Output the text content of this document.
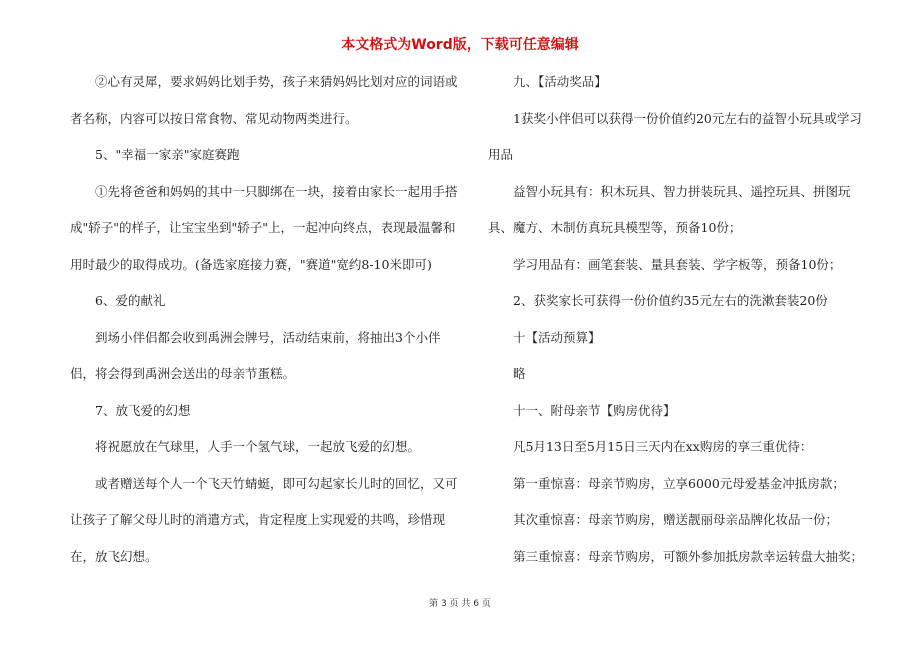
本文格式为Word版，下载可任意编辑

②心有灵犀，要求妈妈比划手势，孩子来猜妈妈比划对应的词语或者名称，内容可以按日常食物、常见动物两类进行。

5、"幸福一家亲"家庭赛跑

①先将爸爸和妈妈的其中一只脚绑在一块，接着由家长一起用手搭成"轿子"的样子，让宝宝坐到"轿子"上，一起冲向终点，表现最温馨和用时最少的取得成功。(备选家庭接力赛，"赛道"宽约8-10米即可)

6、爱的献礼

到场小伴侣都会收到禹洲会牌号，活动结束前，将抽出3个小伴侣，将会得到禹洲会送出的母亲节蛋糕。

7、放飞爱的幻想

将祝愿放在气球里，人手一个氢气球，一起放飞爱的幻想。

或者赠送每个人一个飞天竹蜻蜓，即可勾起家长儿时的回忆，又可让孩子了解父母儿时的消遣方式，肯定程度上实现爱的共鸣，珍惜现在，放飞幻想。

九、【活动奖品】

1获奖小伴侣可以获得一份价值约20元左右的益智小玩具或学习用品

益智小玩具有：积木玩具、智力拼装玩具、遥控玩具、拼图玩具、魔方、木制仿真玩具模型等，预备10份；

学习用品有：画笔套装、量具套装、学字板等，预备10份；

2、获奖家长可获得一份价值约35元左右的洗漱套装20份

十【活动预算】

略

十一、附母亲节【购房优待】

凡5月13日至5月15日三天内在xx购房的享三重优待：

第一重惊喜：母亲节购房，立享6000元母爱基金冲抵房款；

其次重惊喜：母亲节购房，赠送靓丽母亲品牌化妆品一份；

第三重惊喜：母亲节购房，可额外参加抵房款幸运转盘大抽奖；

第 3 页 共 6 页
